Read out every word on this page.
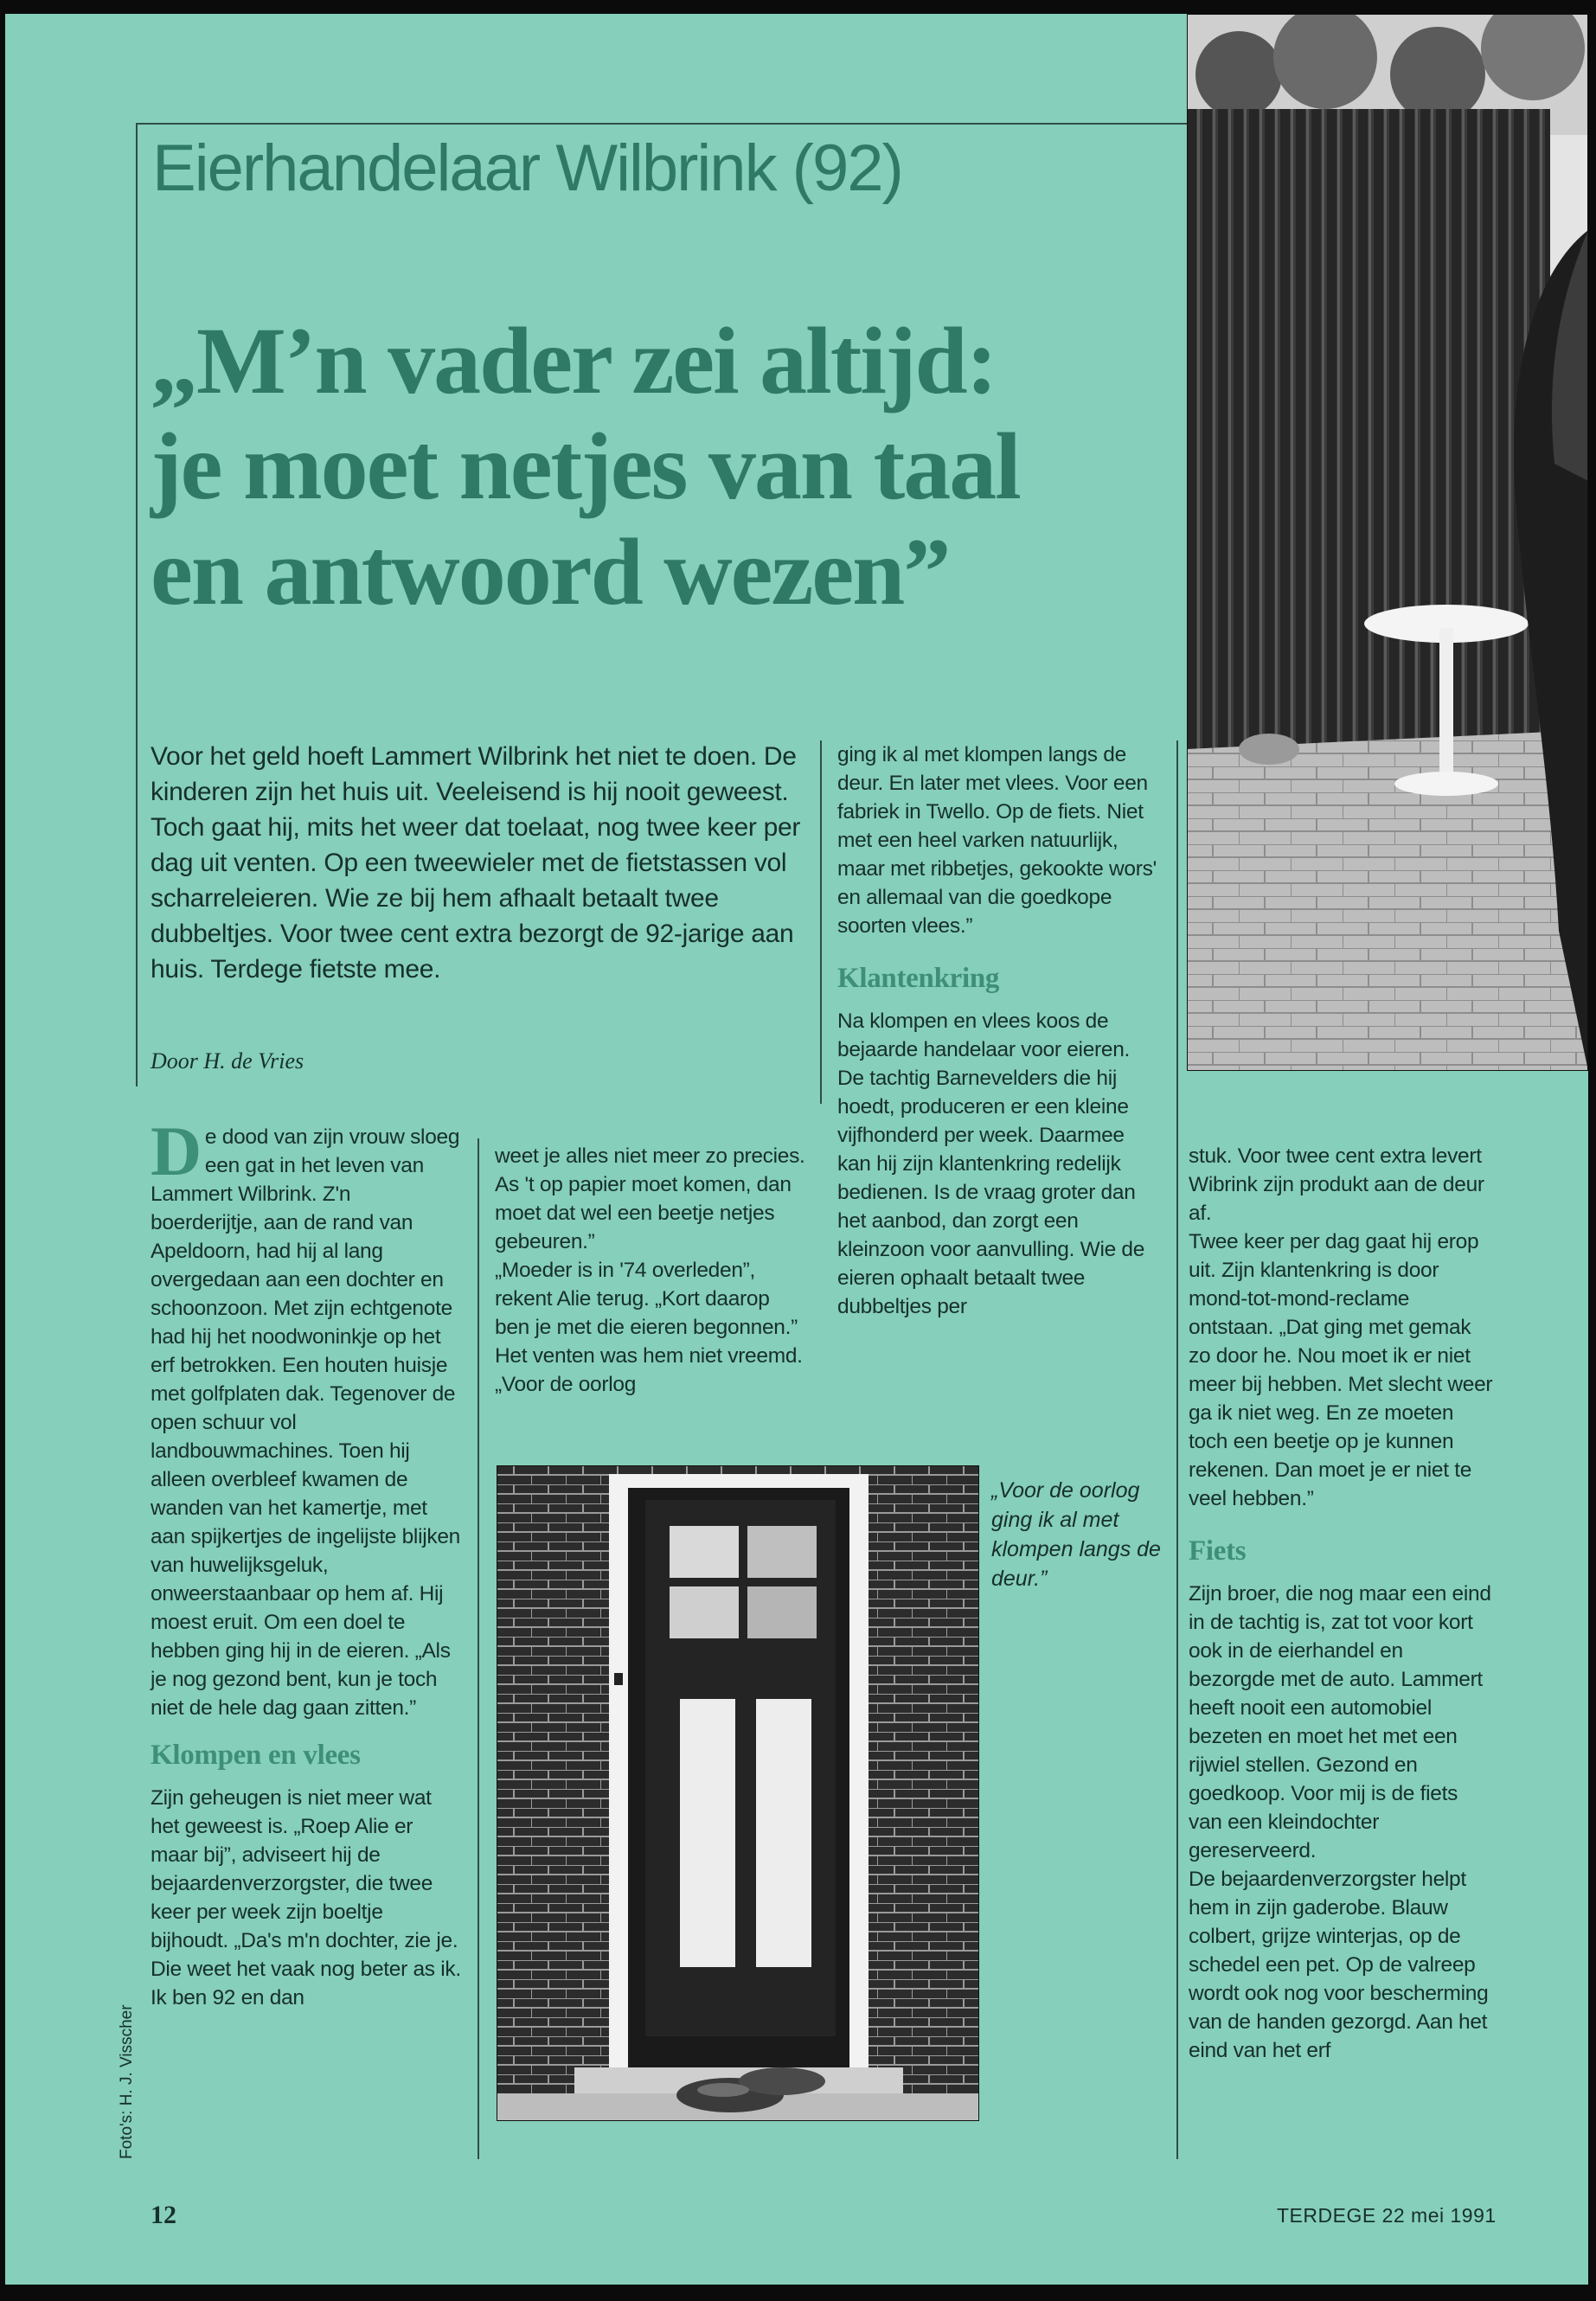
Eierhandelaar Wilbrink (92)
„M’n vader zei altijd:
je moet netjes van taal
en antwoord wezen”
Voor het geld hoeft Lammert Wilbrink het niet te doen. De kinderen zijn het huis uit. Veeleisend is hij nooit geweest. Toch gaat hij, mits het weer dat toelaat, nog twee keer per dag uit venten. Op een tweewieler met de fietstassen vol scharreleieren. Wie ze bij hem afhaalt betaalt twee dubbeltjes. Voor twee cent extra bezorgt de 92-jarige aan huis. Terdege fietste mee.
Door H. de Vries

De dood van zijn vrouw sloeg een gat in het leven van Lammert Wilbrink. Z'n boerderijtje, aan de rand van Apeldoorn, had hij al lang overgedaan aan een dochter en schoonzoon. Met zijn echtgenote had hij het noodwoninkje op het erf betrokken. Een houten huisje met golfplaten dak. Tegenover de open schuur vol landbouwmachines. Toen hij alleen overbleef kwamen de wanden van het kamertje, met aan spijkertjes de ingelijste blijken van huwelijksgeluk, onweerstaanbaar op hem af. Hij moest eruit. Om een doel te hebben ging hij in de eieren. „Als je nog gezond bent, kun je toch niet de hele dag gaan zitten.”

Klompen en vlees

Zijn geheugen is niet meer wat het geweest is. „Roep Alie er maar bij”, adviseert hij de bejaardenverzorgster, die twee keer per week zijn boeltje bijhoudt. „Da's m'n dochter, zie je. Die weet het vaak nog beter as ik. Ik ben 92 en dan

weet je alles niet meer zo precies. As 't op papier moet komen, dan moet dat wel een beetje netjes gebeuren.”

„Moeder is in '74 overleden”, rekent Alie terug. „Kort daarop ben je met die eieren begonnen.” Het venten was hem niet vreemd. „Voor de oorlog

ging ik al met klompen langs de deur. En later met vlees. Voor een fabriek in Twello. Op de fiets. Niet met een heel varken natuurlijk, maar met ribbetjes, gekookte wors' en allemaal van die goedkope soorten vlees.”

Klantenkring

Na klompen en vlees koos de bejaarde handelaar voor eieren. De tachtig Barnevelders die hij hoedt, produceren er een kleine vijfhonderd per week. Daarmee kan hij zijn klantenkring redelijk bedienen. Is de vraag groter dan het aanbod, dan zorgt een kleinzoon voor aanvulling. Wie de eieren ophaalt betaalt twee dubbeltjes per

„Voor de oorlog ging ik al met klompen langs de deur.”

stuk. Voor twee cent extra levert Wibrink zijn produkt aan de deur af.

Twee keer per dag gaat hij erop uit. Zijn klantenkring is door mond-tot-mond-reclame ontstaan. „Dat ging met gemak zo door he. Nou moet ik er niet meer bij hebben. Met slecht weer ga ik niet weg. En ze moeten toch een beetje op je kunnen rekenen. Dan moet je er niet te veel hebben.”

Fiets

Zijn broer, die nog maar een eind in de tachtig is, zat tot voor kort ook in de eierhandel en bezorgde met de auto. Lammert heeft nooit een automobiel bezeten en moet het met een rijwiel stellen. Gezond en goedkoop. Voor mij is de fiets van een kleindochter gereserveerd.

De bejaardenverzorgster helpt hem in zijn gaderobe. Blauw colbert, grijze winterjas, op de schedel een pet. Op de valreep wordt ook nog voor bescherming van de handen gezorgd. Aan het eind van het erf

Foto's: H. J. Visscher
12	TERDEGE 22 mei 1991
